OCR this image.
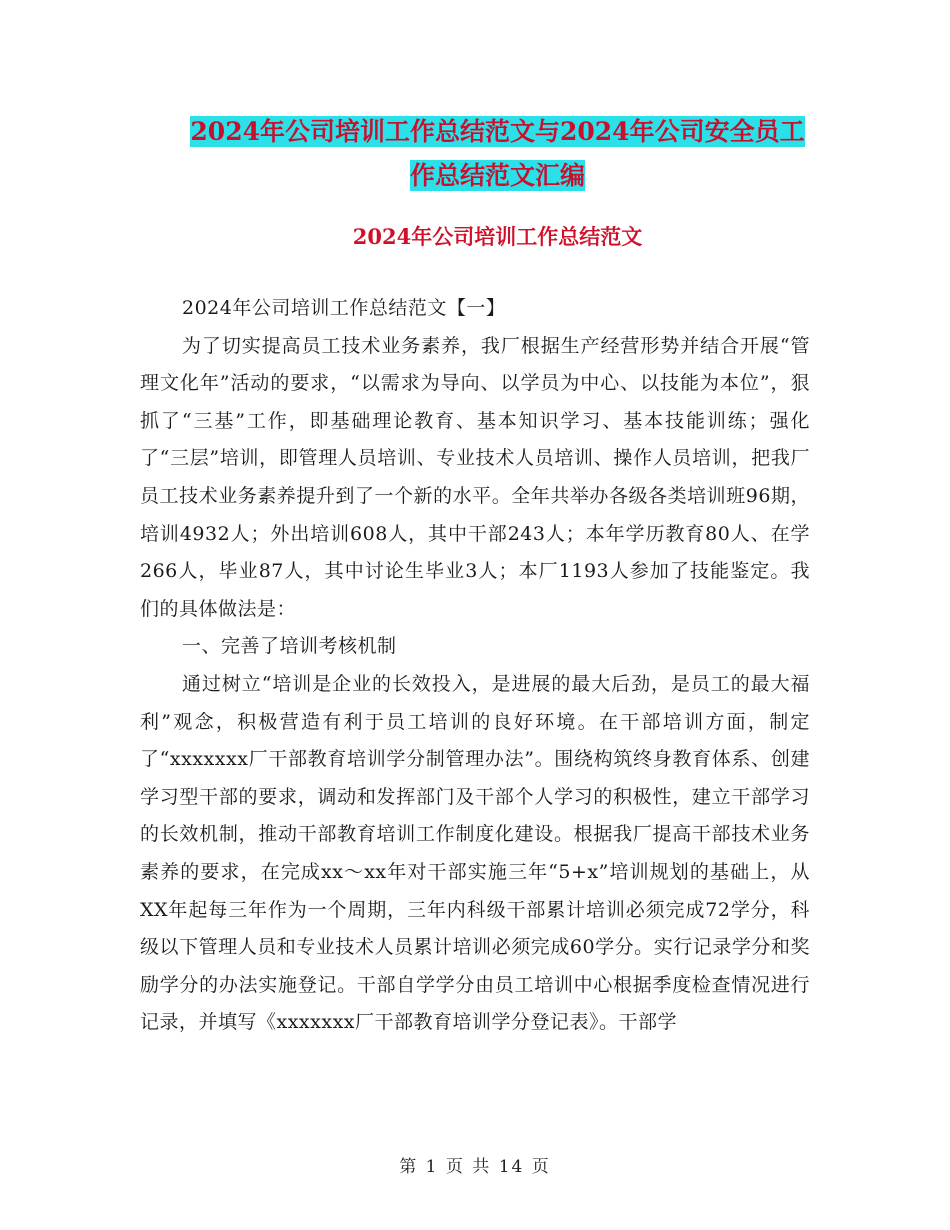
2024年公司培训工作总结范文与2024年公司安全员工
作总结范文汇编
2024年公司培训工作总结范文

2024年公司培训工作总结范文【一】

为了切实提高员工技术业务素养，我厂根据生产经营形势并结合开展“管理文化年”活动的要求，“以需求为导向、以学员为中心、以技能为本位”，狠抓了“三基”工作，即基础理论教育、基本知识学习、基本技能训练；强化了“三层”培训，即管理人员培训、专业技术人员培训、操作人员培训，把我厂员工技术业务素养提升到了一个新的水平。全年共举办各级各类培训班96期，培训4932人；外出培训608人，其中干部243人；本年学历教育80人、在学266人，毕业87人，其中讨论生毕业3人；本厂1193人参加了技能鉴定。我们的具体做法是：

一、完善了培训考核机制

通过树立“培训是企业的长效投入，是进展的最大后劲，是员工的最大福利”观念，积极营造有利于员工培训的良好环境。在干部培训方面，制定了“xxxxxxx厂干部教育培训学分制管理办法”。围绕构筑终身教育体系、创建学习型干部的要求，调动和发挥部门及干部个人学习的积极性，建立干部学习的长效机制，推动干部教育培训工作制度化建设。根据我厂提高干部技术业务素养的要求，在完成xx～xx年对干部实施三年“5+x”培训规划的基础上，从XX年起每三年作为一个周期，三年内科级干部累计培训必须完成72学分，科级以下管理人员和专业技术人员累计培训必须完成60学分。实行记录学分和奖励学分的办法实施登记。干部自学学分由员工培训中心根据季度检查情况进行记录，并填写《xxxxxxx厂干部教育培训学分登记表》。干部学

第 1 页 共 14 页
